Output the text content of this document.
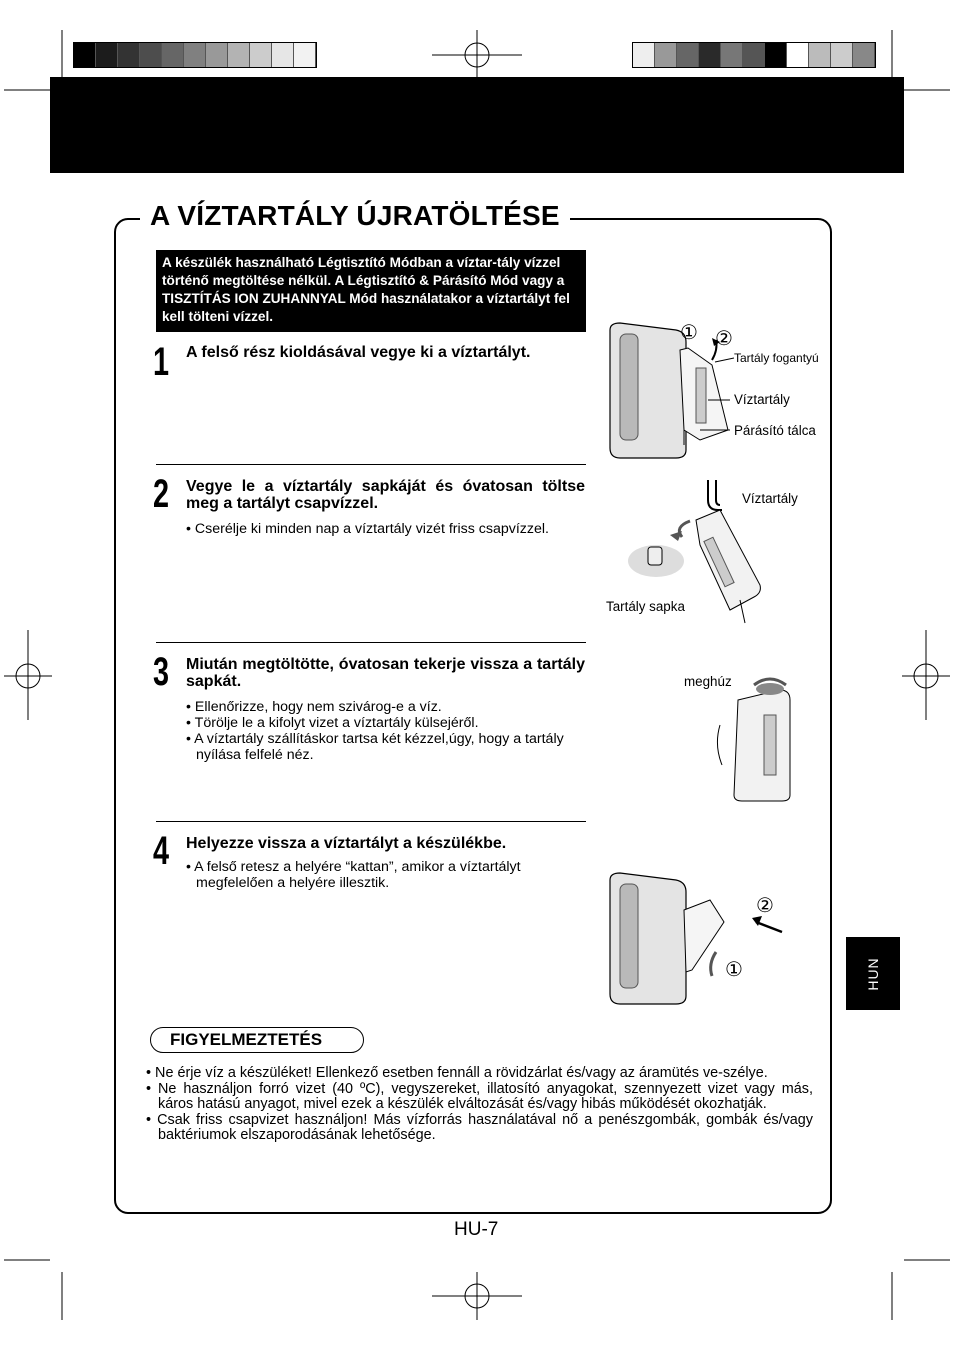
A VÍZTARTÁLY ÚJRATÖLTÉSE
A készülék használható Légtisztító Módban a víztar-tály vízzel történő megtöltése nélkül. A Légtisztító & Párásító Mód vagy a TISZTÍTÁS ION ZUHANNYAL Mód használatakor a víztartályt fel kell tölteni vízzel.
1 A felső rész kioldásával vegye ki a víztartályt.
2 Vegye le a víztartály sapkáját és óvatosan töltse meg a tartályt csapvízzel.
• Cserélje ki minden nap a víztartály vizét friss csapvízzel.
3 Miután megtöltötte, óvatosan tekerje vissza a tartály sapkát.
• Ellenőrizze, hogy nem szivárog-e a víz.
• Törölje le a kifolyt vizet a víztartály külsejéről.
• A víztartály szállításkor tartsa két kézzel,úgy, hogy a tartály nyílása felfelé néz.
4 Helyezze vissza a víztartályt a készülékbe.
• A felső retesz a helyére “kattan”, amikor a víztartályt megfelelően a helyére illesztik.
① ②
Tartály fogantyú
Víztartály
Párásító tálca
Víztartály
Tartály sapka
meghúz
②
①	HUN
FIGYELMEZTETÉS
• Ne érje víz a készüléket! Ellenkező esetben fennáll a rövidzárlat és/vagy az áramütés ve-szélye.
• Ne használjon forró vizet (40 ºC), vegyszereket, illatosító anyagokat, szennyezett vizet vagy más, káros hatású anyagot, mivel ezek a készülék elváltozását és/vagy hibás működését okozhatják.
• Csak friss csapvizet használjon! Más vízforrás használatával nő a penészgombák, gombák és/vagy baktériumok elszaporodásának lehetősége.
HU-7
